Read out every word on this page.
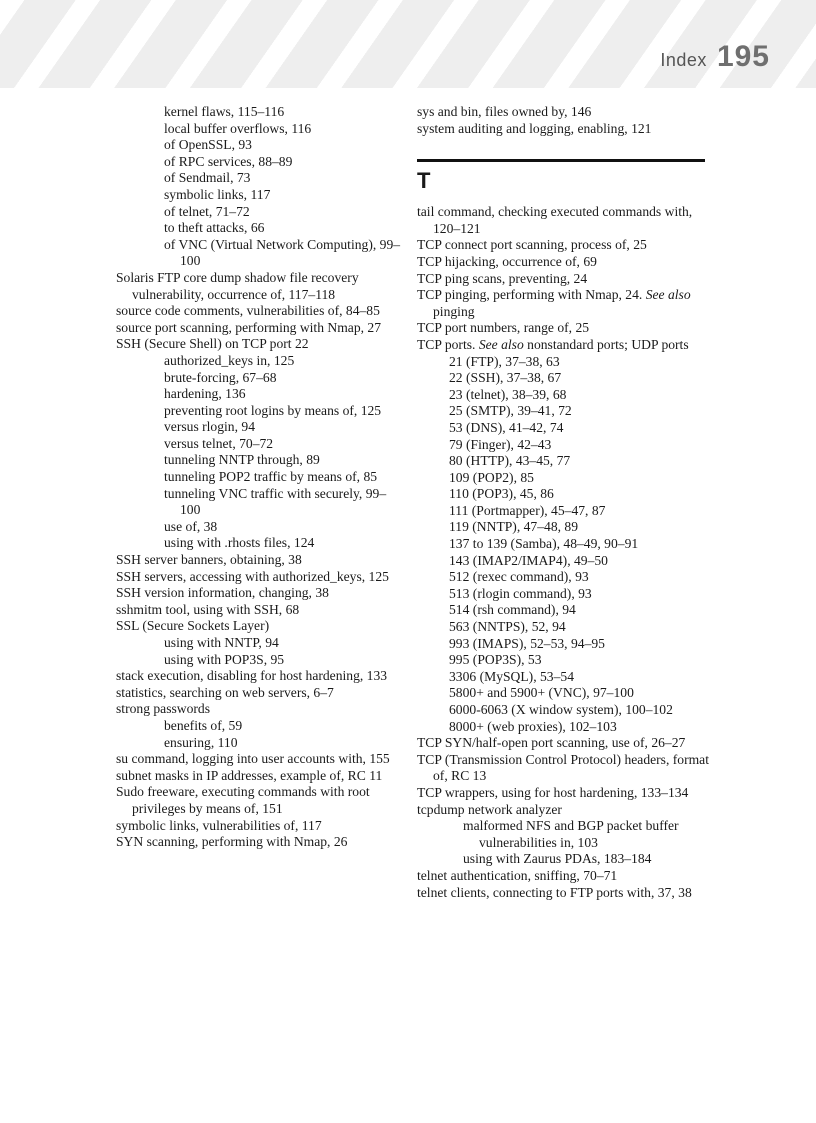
Index 195

kernel flaws, 115–116

local buffer overflows, 116

of OpenSSL, 93

of RPC services, 88–89

of Sendmail, 73

symbolic links, 117

of telnet, 71–72

to theft attacks, 66

of VNC (Virtual Network Computing), 99–100

Solaris FTP core dump shadow file recovery vulnerability, occurrence of, 117–118

source code comments, vulnerabilities of, 84–85

source port scanning, performing with Nmap, 27

SSH (Secure Shell) on TCP port 22

authorized_keys in, 125

brute-forcing, 67–68

hardening, 136

preventing root logins by means of, 125

versus rlogin, 94

versus telnet, 70–72

tunneling NNTP through, 89

tunneling POP2 traffic by means of, 85

tunneling VNC traffic with securely, 99–100

use of, 38

using with .rhosts files, 124

SSH server banners, obtaining, 38

SSH servers, accessing with authorized_keys, 125

SSH version information, changing, 38

sshmitm tool, using with SSH, 68

SSL (Secure Sockets Layer)

using with NNTP, 94

using with POP3S, 95

stack execution, disabling for host hardening, 133

statistics, searching on web servers, 6–7

strong passwords

benefits of, 59

ensuring, 110

su command, logging into user accounts with, 155

subnet masks in IP addresses, example of, RC 11

Sudo freeware, executing commands with root privileges by means of, 151

symbolic links, vulnerabilities of, 117

SYN scanning, performing with Nmap, 26

sys and bin, files owned by, 146

system auditing and logging, enabling, 121

T

tail command, checking executed commands with, 120–121

TCP connect port scanning, process of, 25

TCP hijacking, occurrence of, 69

TCP ping scans, preventing, 24

TCP pinging, performing with Nmap, 24. See also pinging

TCP port numbers, range of, 25

TCP ports. See also nonstandard ports; UDP ports

21 (FTP), 37–38, 63

22 (SSH), 37–38, 67

23 (telnet), 38–39, 68

25 (SMTP), 39–41, 72

53 (DNS), 41–42, 74

79 (Finger), 42–43

80 (HTTP), 43–45, 77

109 (POP2), 85

110 (POP3), 45, 86

111 (Portmapper), 45–47, 87

119 (NNTP), 47–48, 89

137 to 139 (Samba), 48–49, 90–91

143 (IMAP2/IMAP4), 49–50

512 (rexec command), 93

513 (rlogin command), 93

514 (rsh command), 94

563 (NNTPS), 52, 94

993 (IMAPS), 52–53, 94–95

995 (POP3S), 53

3306 (MySQL), 53–54

5800+ and 5900+ (VNC), 97–100

6000-6063 (X window system), 100–102

8000+ (web proxies), 102–103

TCP SYN/half-open port scanning, use of, 26–27

TCP (Transmission Control Protocol) headers, format of, RC 13

TCP wrappers, using for host hardening, 133–134

tcpdump network analyzer

malformed NFS and BGP packet buffer vulnerabilities in, 103

using with Zaurus PDAs, 183–184

telnet authentication, sniffing, 70–71

telnet clients, connecting to FTP ports with, 37, 38
